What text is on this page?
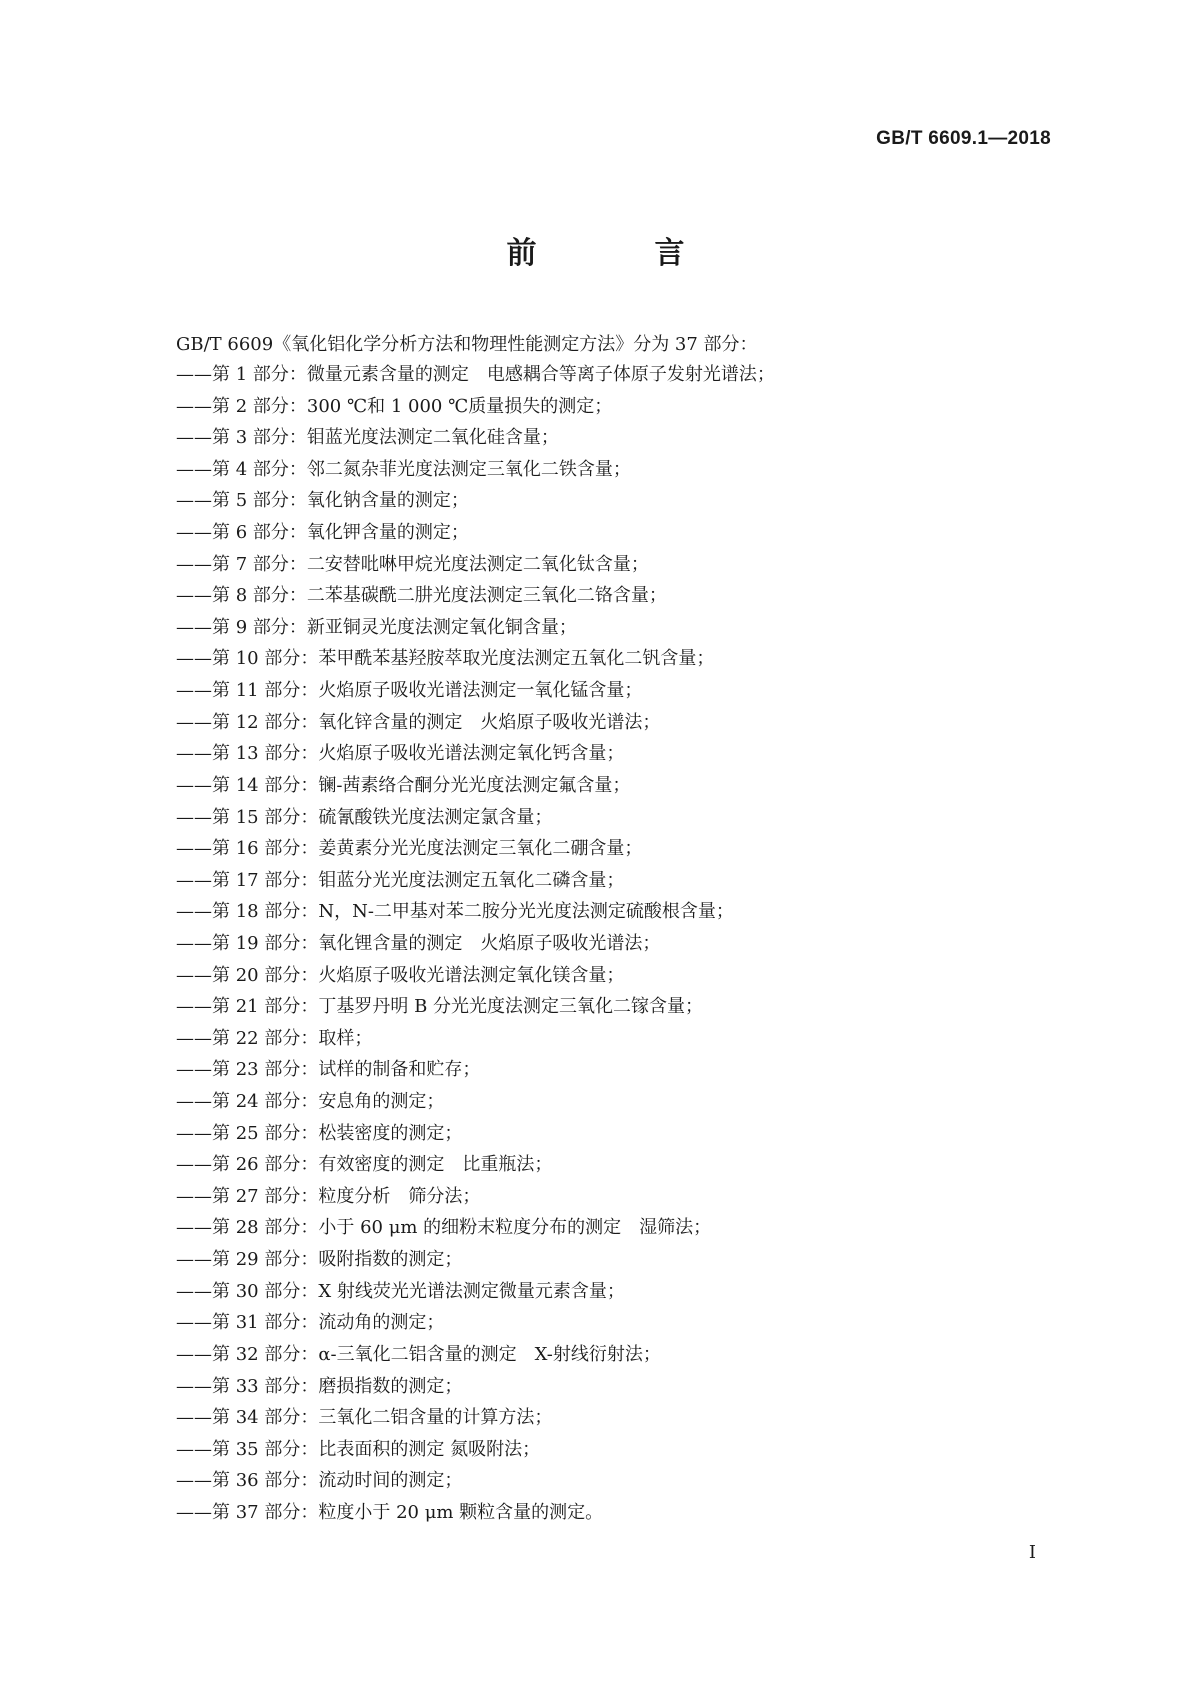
GB/T 6609.1—2018
前　言
GB/T 6609《氧化铝化学分析方法和物理性能测定方法》分为 37 部分：
——第 1 部分：微量元素含量的测定　电感耦合等离子体原子发射光谱法；
——第 2 部分：300 ℃和 1 000 ℃质量损失的测定；
——第 3 部分：钼蓝光度法测定二氧化硅含量；
——第 4 部分：邻二氮杂菲光度法测定三氧化二铁含量；
——第 5 部分：氧化钠含量的测定；
——第 6 部分：氧化钾含量的测定；
——第 7 部分：二安替吡啉甲烷光度法测定二氧化钛含量；
——第 8 部分：二苯基碳酰二肼光度法测定三氧化二铬含量；
——第 9 部分：新亚铜灵光度法测定氧化铜含量；
——第 10 部分：苯甲酰苯基羟胺萃取光度法测定五氧化二钒含量；
——第 11 部分：火焰原子吸收光谱法测定一氧化锰含量；
——第 12 部分：氧化锌含量的测定　火焰原子吸收光谱法；
——第 13 部分：火焰原子吸收光谱法测定氧化钙含量；
——第 14 部分：镧-茜素络合酮分光光度法测定氟含量；
——第 15 部分：硫氰酸铁光度法测定氯含量；
——第 16 部分：姜黄素分光光度法测定三氧化二硼含量；
——第 17 部分：钼蓝分光光度法测定五氧化二磷含量；
——第 18 部分：N，N-二甲基对苯二胺分光光度法测定硫酸根含量；
——第 19 部分：氧化锂含量的测定　火焰原子吸收光谱法；
——第 20 部分：火焰原子吸收光谱法测定氧化镁含量；
——第 21 部分：丁基罗丹明 B 分光光度法测定三氧化二镓含量；
——第 22 部分：取样；
——第 23 部分：试样的制备和贮存；
——第 24 部分：安息角的测定；
——第 25 部分：松装密度的测定；
——第 26 部分：有效密度的测定　比重瓶法；
——第 27 部分：粒度分析　筛分法；
——第 28 部分：小于 60 μm 的细粉末粒度分布的测定　湿筛法；
——第 29 部分：吸附指数的测定；
——第 30 部分：X 射线荧光光谱法测定微量元素含量；
——第 31 部分：流动角的测定；
——第 32 部分：α-三氧化二铝含量的测定　X-射线衍射法；
——第 33 部分：磨损指数的测定；
——第 34 部分：三氧化二铝含量的计算方法；
——第 35 部分：比表面积的测定 氮吸附法；
——第 36 部分：流动时间的测定；
——第 37 部分：粒度小于 20 μm 颗粒含量的测定。
I
